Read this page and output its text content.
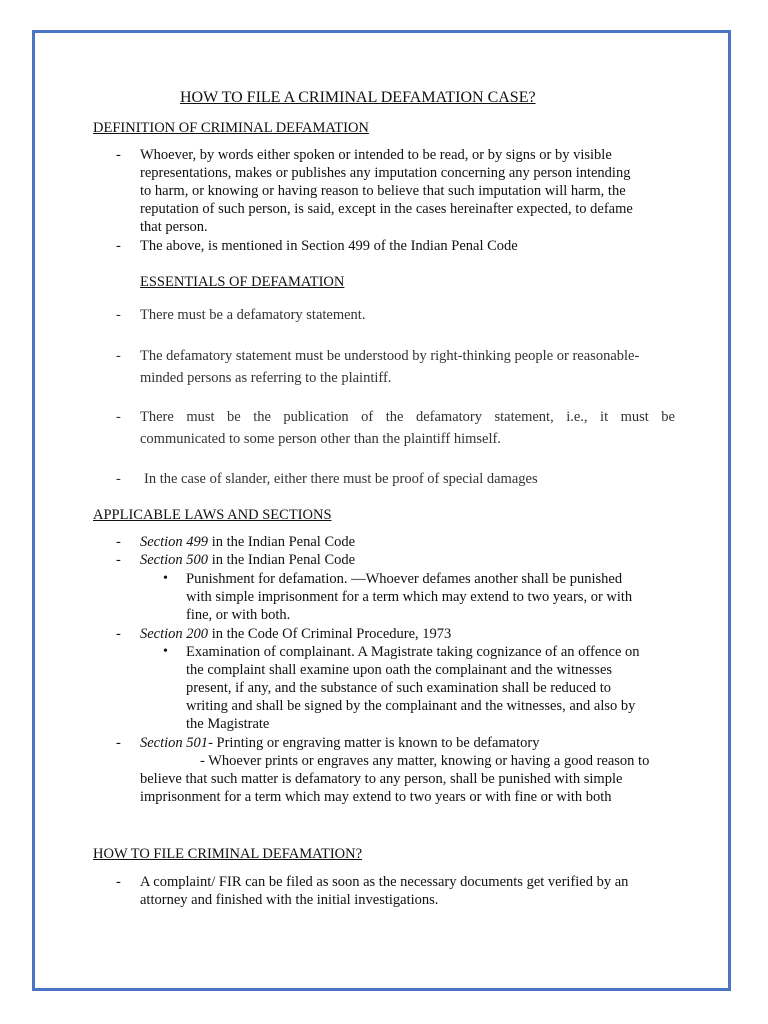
HOW TO FILE A CRIMINAL DEFAMATION CASE?
DEFINITION OF CRIMINAL DEFAMATION
- Whoever, by words either spoken or intended to be read, or by signs or by visible
representations, makes or publishes any imputation concerning any person intending
to harm, or knowing or having reason to believe that such imputation will harm, the
reputation of such person, is said, except in the cases hereinafter expected, to defame
that person.
- The above, is mentioned in Section 499 of the Indian Penal Code
ESSENTIALS OF DEFAMATION
- There must be a defamatory statement.
- The defamatory statement must be understood by right-thinking people or reasonable-
minded persons as referring to the plaintiff.
- There must be the publication of the defamatory statement, i.e., it must be
communicated to some person other than the plaintiff himself.
- In the case of slander, either there must be proof of special damages
APPLICABLE LAWS AND SECTIONS
- Section 499 in the Indian Penal Code
- Section 500 in the Indian Penal Code
• Punishment for defamation. —Whoever defames another shall be punished
with simple imprisonment for a term which may extend to two years, or with
fine, or with both.
- Section 200 in the Code Of Criminal Procedure, 1973
• Examination of complainant. A Magistrate taking cognizance of an offence on
the complaint shall examine upon oath the complainant and the witnesses
present, if any, and the substance of such examination shall be reduced to
writing and shall be signed by the complainant and the witnesses, and also by
the Magistrate
- Section 501- Printing or engraving matter is known to be defamatory
- Whoever prints or engraves any matter, knowing or having a good reason to
believe that such matter is defamatory to any person, shall be punished with simple
imprisonment for a term which may extend to two years or with fine or with both
HOW TO FILE CRIMINAL DEFAMATION?
- A complaint/ FIR can be filed as soon as the necessary documents get verified by an
attorney and finished with the initial investigations.
